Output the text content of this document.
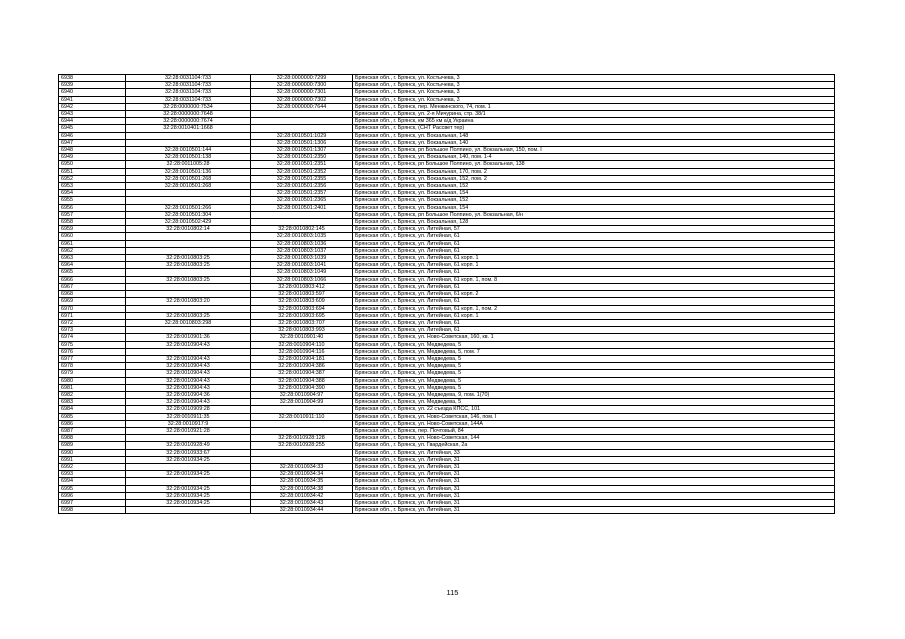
6938	32:28:0031104:733	32:28:0000000:7299	Брянская обл., г. Брянск, ул. Костычева, 3
6939	32:28:0031104:733	32:28:0000000:7300	Брянская обл., г. Брянск, ул. Костычева, 3
6940	32:28:0031104:733	32:28:0000000:7301	Брянская обл., г. Брянск, ул. Костычева, 3
6941	32:28:0031104:733	32:28:0000000:7302	Брянская обл., г. Брянск, ул. Костычева, 3
6942	32:28:0000000:7534	32:28:0000000:7644	Брянская обл., г. Брянск, пер. Менжинского, 74, пом. 1
6943	32:28:0000000:7648		Брянская обл., г. Брянск, ул. 2-я Мичурина, стр. 38/1
6944	32:28:0000000:7674		Брянская обл., г. Брянск, км 365 км а/д Украина
6945	32:28:0010401:1668		Брянская обл., г. Брянск, (СНТ Рассвет тер)
6946		32:28:0010501:1029	Брянская обл., г. Брянск, ул. Вокзальная, 148
6947		32:28:0010501:1306	Брянская обл., г. Брянск, ул. Вокзальная, 140
6948	32:28:0010501:144	32:28:0010501:1307	Брянская обл., г. Брянск, рп Большое Полпино, ул. Вокзальная, 150, пом. I
6949	32:28:0010501:138	32:28:0010501:2350	Брянская обл., г. Брянск, ул. Вокзальная, 140, пом. 1-4
6950	32:28:0011005:28	32:28:0010501:2351	Брянская обл., г. Брянск, рп Большое Полпино, ул. Вокзальная, 138
6951	32:28:0010501:136	32:28:0010501:2352	Брянская обл., г. Брянск, ул. Вокзальная, 170, пом. 2
6952	32:28:0010501:268	32:28:0010501:2355	Брянская обл., г. Брянск, ул. Вокзальная, 152, пом. 2
6953	32:28:0010501:268	32:28:0010501:2356	Брянская обл., г. Брянск, ул. Вокзальная, 152
6954		32:28:0010501:2357	Брянская обл., г. Брянск, ул. Вокзальная, 154
6955		32:28:0010501:2365	Брянская обл., г. Брянск, ул. Вокзальная, 152
6956	32:28:0010501:266	32:28:0010501:2401	Брянская обл., г. Брянск, ул. Вокзальная, 154
6957	32:28:0010501:304		Брянская обл., г. Брянск, рп Большое Полпино, ул. Вокзальная, 6/н
6958	32:28:0010502:429		Брянская обл., г. Брянск, ул. Вокзальная, 128
6959	32:28:0010802:14	32:28:0010802:145	Брянская обл., г. Брянск, ул. Литейная, 57
6960		32:28:0010803:1035	Брянская обл., г. Брянск, ул. Литейная, 61
6961		32:28:0010803:1036	Брянская обл., г. Брянск, ул. Литейная, 61
6962		32:28:0010803:1037	Брянская обл., г. Брянск, ул. Литейная, 61
6963	32:28:0010803:25	32:28:0010803:1039	Брянская обл., г. Брянск, ул. Литейная, 61 корп. 1
6964	32:28:0010803:25	32:28:0010803:1041	Брянская обл., г. Брянск, ул. Литейная, 61 корп. 1
6965		32:28:0010803:1049	Брянская обл., г. Брянск, ул. Литейная, 61
6966	32:28:0010803:25	32:28:0010803:1066	Брянская обл., г. Брянск, ул. Литейная, 61 корп. 1, пом. 8
6967		32:28:0010803:412	Брянская обл., г. Брянск, ул. Литейная, 61
6968		32:28:0010803:597	Брянская обл., г. Брянск, ул. Литейная, 61 корп. 2
6969	32:28:0010803:20	32:28:0010803:609	Брянская обл., г. Брянск, ул. Литейная, 61
6970		32:28:0010803:694	Брянская обл., г. Брянск, ул. Литейная, 61 корп. 1, пом. 2
6971	32:28:0010803:25	32:28:0010803:695	Брянская обл., г. Брянск, ул. Литейная, 61 корп. 1
6972	32:28:0010803:298	32:28:0010803:707	Брянская обл., г. Брянск, ул. Литейная, 61
6973		32:28:0010803:993	Брянская обл., г. Брянск, ул. Литейная, 61
6974	32:28:0010901:36	32:28:0010901:40	Брянская обл., г. Брянск, ул. Ново-Советская, 160, кв. 1
6975	32:28:0010904:43	32:28:0010904:110	Брянская обл., г. Брянск, ул. Медведева, 5
6976		32:28:0010904:116	Брянская обл., г. Брянск, ул. Медведева, 5, пом. 7
6977	32:28:0010904:43	32:28:0010904:181	Брянская обл., г. Брянск, ул. Медведева, 5
6978	32:28:0010904:43	32:28:0010904:386	Брянская обл., г. Брянск, ул. Медведева, 5
6979	32:28:0010904:43	32:28:0010904:387	Брянская обл., г. Брянск, ул. Медведева, 5
6980	32:28:0010904:43	32:28:0010904:388	Брянская обл., г. Брянск, ул. Медведева, 5
6981	32:28:0010904:43	32:28:0010904:390	Брянская обл., г. Брянск, ул. Медведева, 5
6982	32:28:0010904:36	32:28:0010904:97	Брянская обл., г. Брянск, ул. Медведева, 9, пом. 1(70)
6983	32:28:0010904:43	32:28:0010904:99	Брянская обл., г. Брянск, ул. Медведева, 5
6984	32:28:0010909:28		Брянская обл., г. Брянск, ул. 22 съезда КПСС, 101
6985	32:28:0010911:35	32:28:0010911:110	Брянская обл., г. Брянск, ул. Ново-Советская, 146, пом. I
6986	32:28:0010917:9		Брянская обл., г. Брянск, ул. Ново-Советская, 144А
6987	32:28:0010921:28		Брянская обл., г. Брянск, пер. Почтовый, 84
6988		32:28:0010928:128	Брянская обл., г. Брянск, ул. Ново-Советская, 144
6989	32:28:0010928:49	32:28:0010928:255	Брянская обл., г. Брянск, ул. Гвардейская, 2а
6990	32:28:0010933:67		Брянская обл., г. Брянск, ул. Литейная, 33
6991	32:28:0010934:25		Брянская обл., г. Брянск, ул. Литейная, 31
6992		32:28:0010934:33	Брянская обл., г. Брянск, ул. Литейная, 31
6993	32:28:0010934:25	32:28:0010934:34	Брянская обл., г. Брянск, ул. Литейная, 31
6994		32:28:0010934:35	Брянская обл., г. Брянск, ул. Литейная, 31
6995	32:28:0010934:25	32:28:0010934:38	Брянская обл., г. Брянск, ул. Литейная, 31
6996	32:28:0010934:25	32:28:0010934:42	Брянская обл., г. Брянск, ул. Литейная, 31
6997	32:28:0010934:25	32:28:0010934:43	Брянская обл., г. Брянск, ул. Литейная, 31
6998		32:28:0010934:44	Брянская обл., г. Брянск, ул. Литейная, 31
115
